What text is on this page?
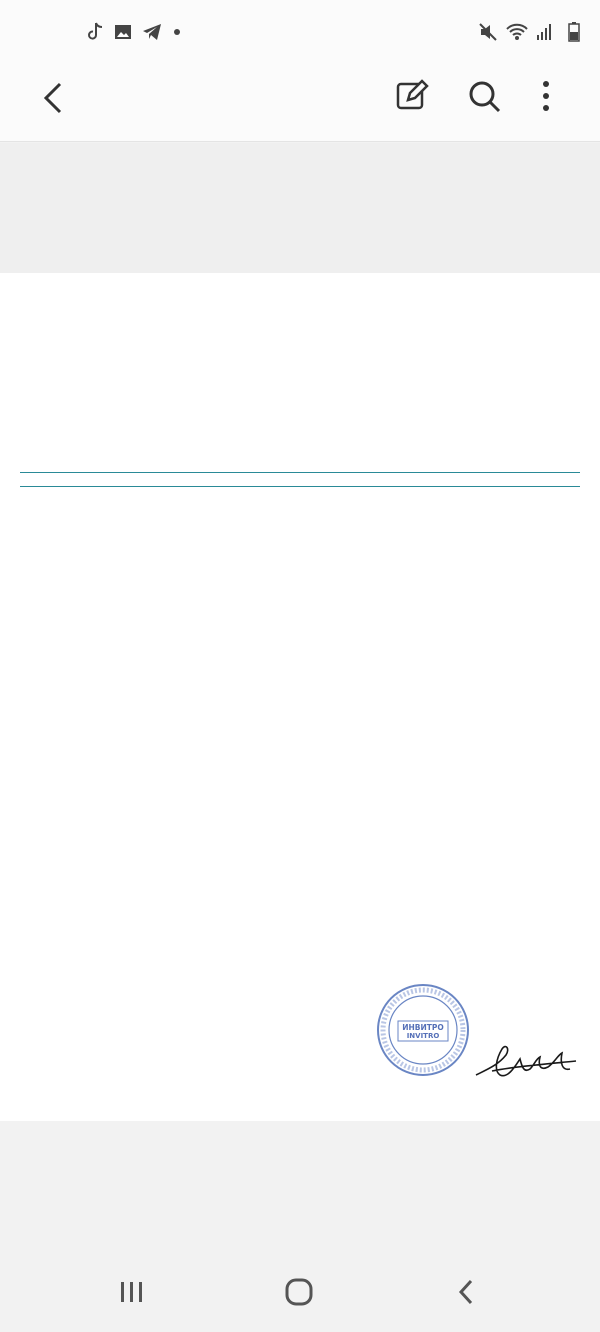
ИНВИТРО
INVITRO
